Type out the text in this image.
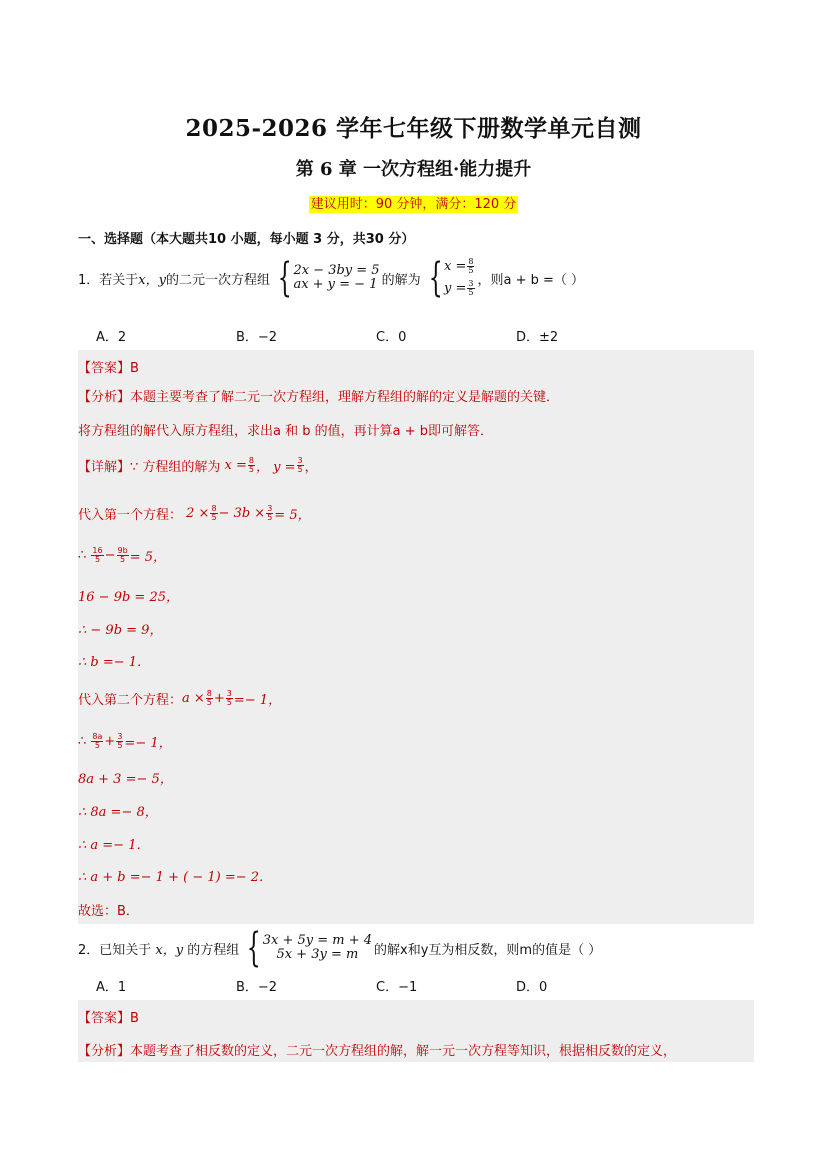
2025-2026 学年七年级下册数学单元自测
第 6 章 一次方程组·能力提升
建议用时：90 分钟，满分：120 分
一、选择题（本大题共10 小题，每小题 3 分，共30 分）
1．若关于 x，y 的二元一次方程组 { 2x − 3by = 5
ax + y = − 1 的解为 { $x = \frac{8}{5}$
$y = \frac{3}{5}$ ，则a + b =（ ）
A．2	B．−2	C．0	D．±2
【答案】B
【分析】本题主要考查了解二元一次方程组，理解方程组的解的定义是解题的关键．
将方程组的解代入原方程组，求出a 和 b 的值，再计算a + b即可解答．
【详解】∵ 方程组的解为
$x = \frac{8}{5}$ ， $y = \frac{3}{5}$ ，
代入第一个方程：
$2 \times \frac{8}{5} - 3b \times \frac{3}{5} = 5$，
∴
$\frac{16}{5} - \frac{9b}{5} = 5$，
16 − 9b = 25，
∴ − 9b = 9，
∴ b =− 1．
代入第二个方程： $a \times \frac{8}{5} + \frac{3}{5} =- 1$，
∴
$\frac{8a}{5} + \frac{3}{5} =- 1$，
8a + 3 =− 5，
∴ 8a =− 8，
∴ a =− 1．
∴ a + b =− 1 + ( − 1) =− 2．
故选：B．
2．已知关于
x，y
的方程组 { 3x + 5y = m + 4
5x + 3y = m 的解x和y互为相反数，则m的值是（ ）
A．1	B．−2	C．−1	D．0
【答案】B
【分析】本题考查了相反数的定义，二元一次方程组的解，解一元一次方程等知识，根据相反数的定义，
